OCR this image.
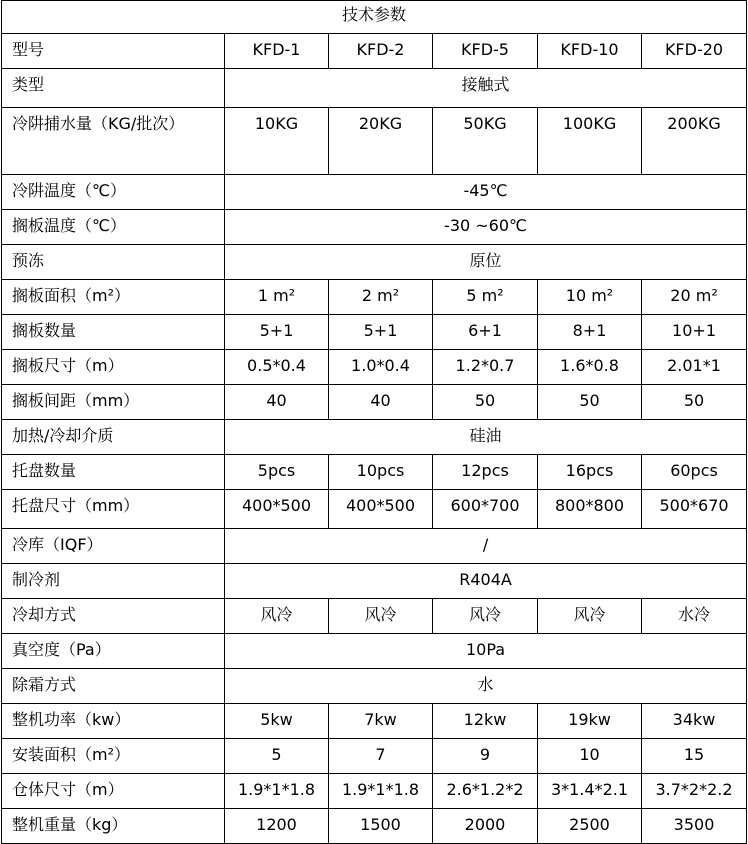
技术参数					
型号	KFD-1	KFD-2	KFD-5	KFD-10	KFD-20
类型	接触式				
冷阱捕水量（KG/批次）	10KG	20KG	50KG	100KG	200KG
冷阱温度（℃）	-45℃				
搁板温度（℃）	-30 ~60℃				
预冻	原位				
搁板面积（m²）	1 m²	2 m²	5 m²	10 m²	20 m²
搁板数量	5+1	5+1	6+1	8+1	10+1
搁板尺寸（m）	0.5*0.4	1.0*0.4	1.2*0.7	1.6*0.8	2.01*1
搁板间距（mm）	40	40	50	50	50
加热/冷却介质	硅油				
托盘数量	5pcs	10pcs	12pcs	16pcs	60pcs
托盘尺寸（mm）	400*500	400*500	600*700	800*800	500*670
冷库（IQF）	/				
制冷剂	R404A				
冷却方式	风冷	风冷	风冷	风冷	水冷
真空度（Pa）	10Pa				
除霜方式	水				
整机功率（kw）	5kw	7kw	12kw	19kw	34kw
安装面积（m²）	5	7	9	10	15
仓体尺寸（m）	1.9*1*1.8	1.9*1*1.8	2.6*1.2*2	3*1.4*2.1	3.7*2*2.2
整机重量（kg）	1200	1500	2000	2500	3500
